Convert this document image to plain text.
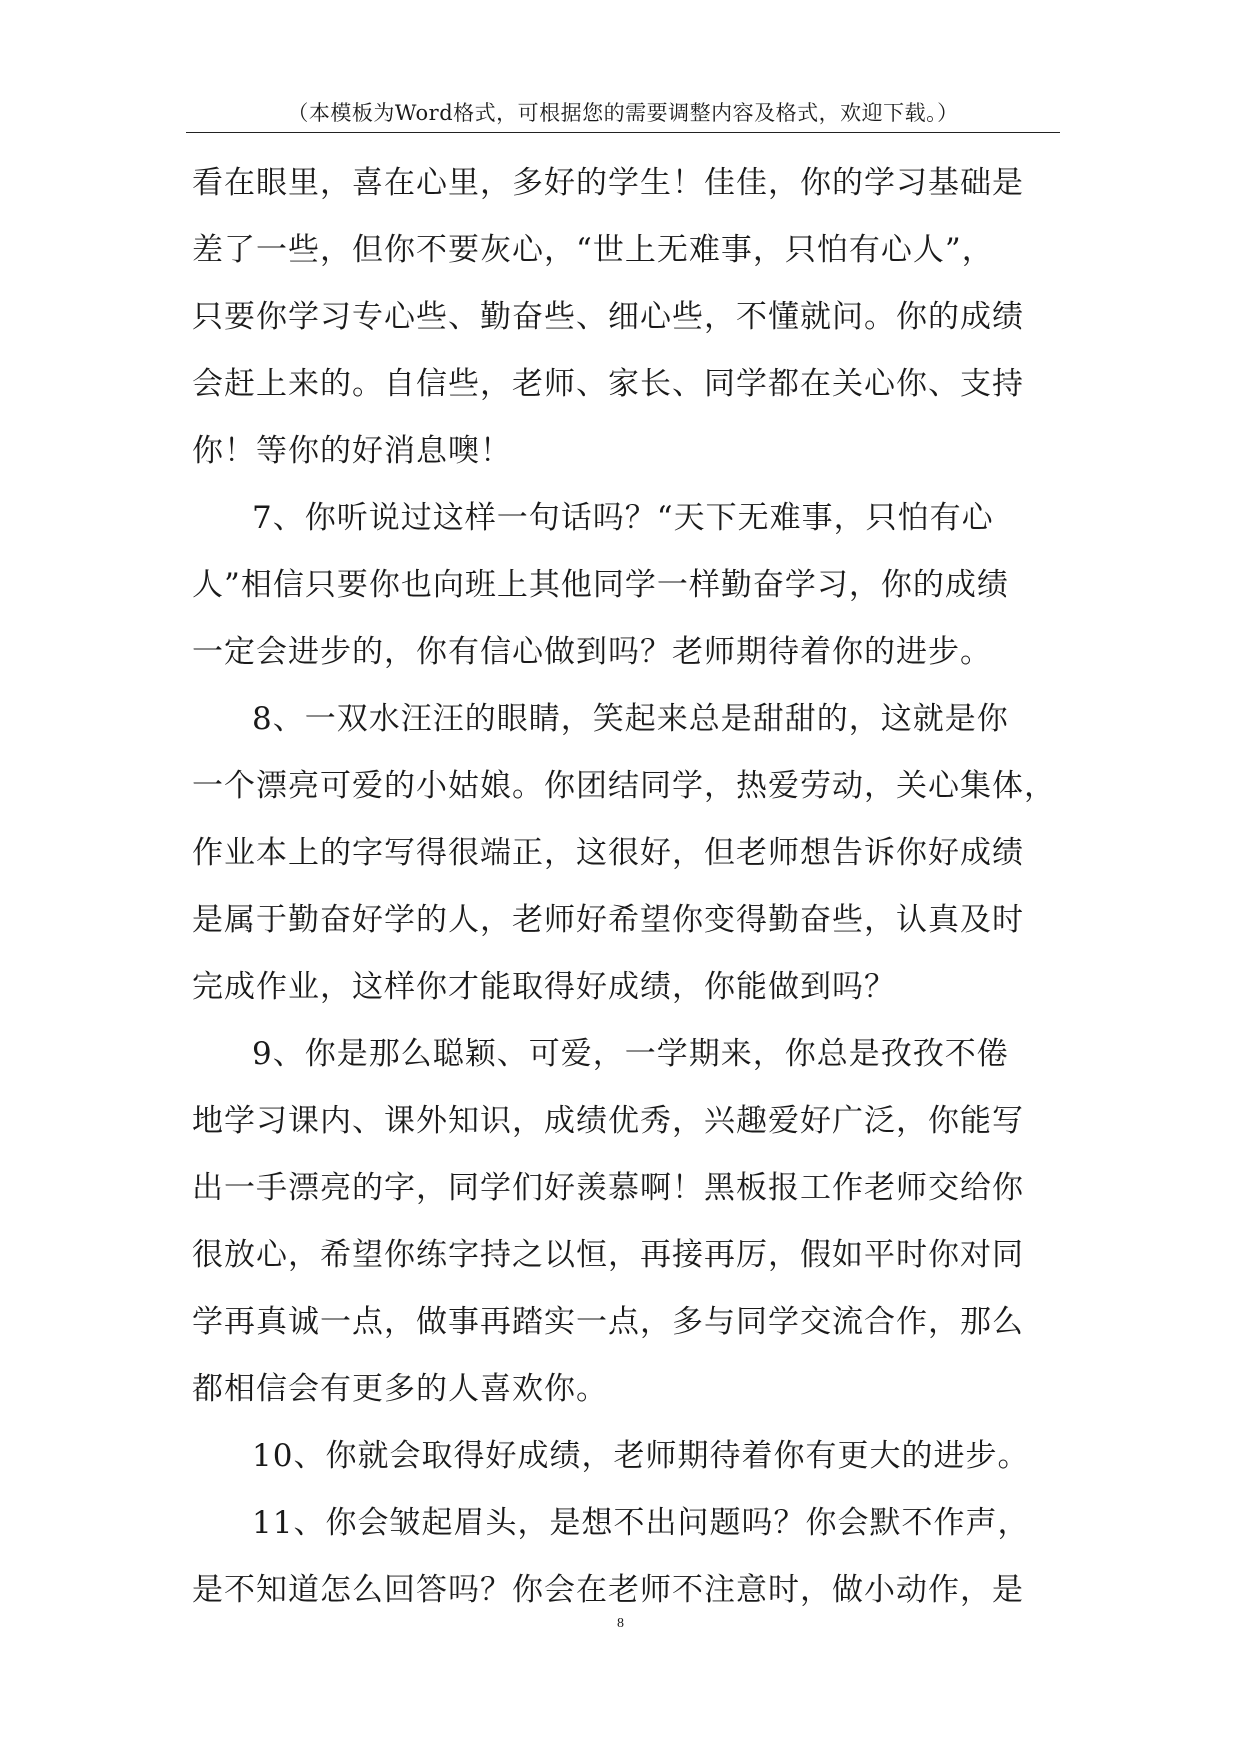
（本模板为Word格式，可根据您的需要调整内容及格式，欢迎下载。）
看在眼里，喜在心里，多好的学生！佳佳，你的学习基础是
差了一些，但你不要灰心，“世上无难事，只怕有心人”，
只要你学习专心些、勤奋些、细心些，不懂就问。你的成绩
会赶上来的。自信些，老师、家长、同学都在关心你、支持
你！等你的好消息噢！
7、你听说过这样一句话吗？“天下无难事，只怕有心
人”相信只要你也向班上其他同学一样勤奋学习，你的成绩
一定会进步的，你有信心做到吗？老师期待着你的进步。
8、一双水汪汪的眼睛，笑起来总是甜甜的，这就是你
一个漂亮可爱的小姑娘。你团结同学，热爱劳动，关心集体，
作业本上的字写得很端正，这很好，但老师想告诉你好成绩
是属于勤奋好学的人，老师好希望你变得勤奋些，认真及时
完成作业，这样你才能取得好成绩，你能做到吗？
9、你是那么聪颖、可爱，一学期来，你总是孜孜不倦
地学习课内、课外知识，成绩优秀，兴趣爱好广泛，你能写
出一手漂亮的字，同学们好羡慕啊！黑板报工作老师交给你
很放心，希望你练字持之以恒，再接再厉，假如平时你对同
学再真诚一点，做事再踏实一点，多与同学交流合作，那么
都相信会有更多的人喜欢你。
10、你就会取得好成绩，老师期待着你有更大的进步。
11、你会皱起眉头，是想不出问题吗？你会默不作声，
是不知道怎么回答吗？你会在老师不注意时，做小动作，是
8
